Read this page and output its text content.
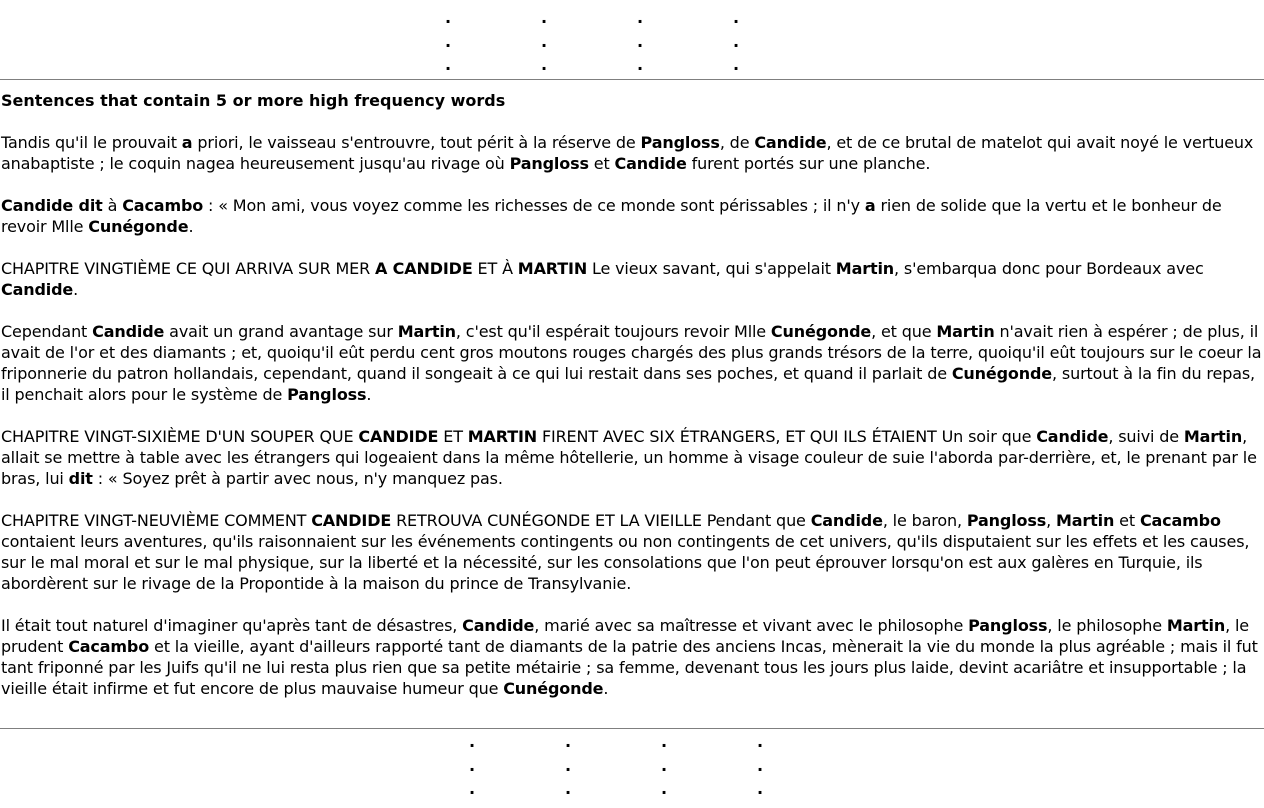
.
.
.
.
.
.
.
.
.
.
.
.
Sentences that contain 5 or more high frequency words

Tandis qu'il le prouvait a priori, le vaisseau s'entrouvre, tout périt à la réserve de Pangloss, de Candide, et de ce brutal de matelot qui avait noyé le vertueux anabaptiste ; le coquin nagea heureusement jusqu'au rivage où Pangloss et Candide furent portés sur une planche.

Candide dit à Cacambo : « Mon ami, vous voyez comme les richesses de ce monde sont périssables ; il n'y a rien de solide que la vertu et le bonheur de revoir Mlle Cunégonde.

CHAPITRE VINGTIÈME CE QUI ARRIVA SUR MER A CANDIDE ET À MARTIN Le vieux savant, qui s'appelait Martin, s'embarqua donc pour Bordeaux avec Candide.

Cependant Candide avait un grand avantage sur Martin, c'est qu'il espérait toujours revoir Mlle Cunégonde, et que Martin n'avait rien à espérer ; de plus, il avait de l'or et des diamants ; et, quoiqu'il eût perdu cent gros moutons rouges chargés des plus grands trésors de la terre, quoiqu'il eût toujours sur le coeur la friponnerie du patron hollandais, cependant, quand il songeait à ce qui lui restait dans ses poches, et quand il parlait de Cunégonde, surtout à la fin du repas, il penchait alors pour le système de Pangloss.

CHAPITRE VINGT-SIXIÈME D'UN SOUPER QUE CANDIDE ET MARTIN FIRENT AVEC SIX ÉTRANGERS, ET QUI ILS ÉTAIENT Un soir que Candide, suivi de Martin, allait se mettre à table avec les étrangers qui logeaient dans la même hôtellerie, un homme à visage couleur de suie l'aborda par-derrière, et, le prenant par le bras, lui dit : « Soyez prêt à partir avec nous, n'y manquez pas.

CHAPITRE VINGT-NEUVIÈME COMMENT CANDIDE RETROUVA CUNÉGONDE ET LA VIEILLE Pendant que Candide, le baron, Pangloss, Martin et Cacambo contaient leurs aventures, qu'ils raisonnaient sur les événements contingents ou non contingents de cet univers, qu'ils disputaient sur les effets et les causes, sur le mal moral et sur le mal physique, sur la liberté et la nécessité, sur les consolations que l'on peut éprouver lorsqu'on est aux galères en Turquie, ils abordèrent sur le rivage de la Propontide à la maison du prince de Transylvanie.

Il était tout naturel d'imaginer qu'après tant de désastres, Candide, marié avec sa maîtresse et vivant avec le philosophe Pangloss, le philosophe Martin, le prudent Cacambo et la vieille, ayant d'ailleurs rapporté tant de diamants de la patrie des anciens Incas, mènerait la vie du monde la plus agréable ; mais il fut tant friponné par les Juifs qu'il ne lui resta plus rien que sa petite métairie ; sa femme, devenant tous les jours plus laide, devint acariâtre et insupportable ; la vieille était infirme et fut encore de plus mauvaise humeur que Cunégonde.

.
.
.
.
.
.
.
.
.
.
.
.
